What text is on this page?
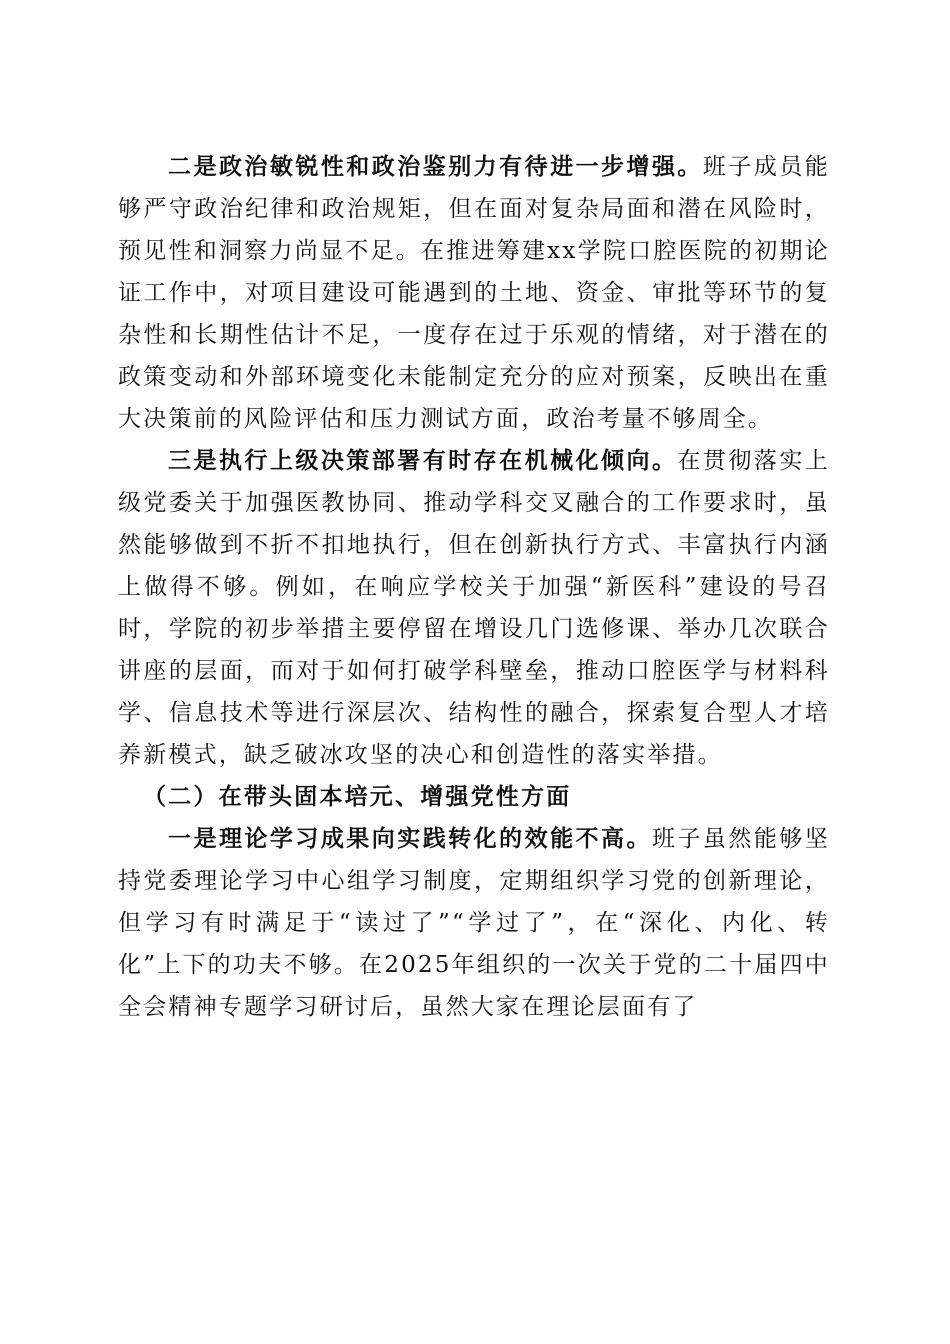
二是政治敏锐性和政治鉴别力有待进一步增强。班子成员能够严守政治纪律和政治规矩，但在面对复杂局面和潜在风险时，预见性和洞察力尚显不足。在推进筹建xx学院口腔医院的初期论证工作中，对项目建设可能遇到的土地、资金、审批等环节的复杂性和长期性估计不足，一度存在过于乐观的情绪，对于潜在的政策变动和外部环境变化未能制定充分的应对预案，反映出在重大决策前的风险评估和压力测试方面，政治考量不够周全。

三是执行上级决策部署有时存在机械化倾向。在贯彻落实上级党委关于加强医教协同、推动学科交叉融合的工作要求时，虽然能够做到不折不扣地执行，但在创新执行方式、丰富执行内涵上做得不够。例如，在响应学校关于加强“新医科”建设的号召时，学院的初步举措主要停留在增设几门选修课、举办几次联合讲座的层面，而对于如何打破学科壁垒，推动口腔医学与材料科学、信息技术等进行深层次、结构性的融合，探索复合型人才培养新模式，缺乏破冰攻坚的决心和创造性的落实举措。

（二）在带头固本培元、增强党性方面

一是理论学习成果向实践转化的效能不高。班子虽然能够坚持党委理论学习中心组学习制度，定期组织学习党的创新理论，但学习有时满足于“读过了”“学过了”，在“深化、内化、转化”上下的功夫不够。在2025年组织的一次关于党的二十届四中全会精神专题学习研讨后，虽然大家在理论层面有了
